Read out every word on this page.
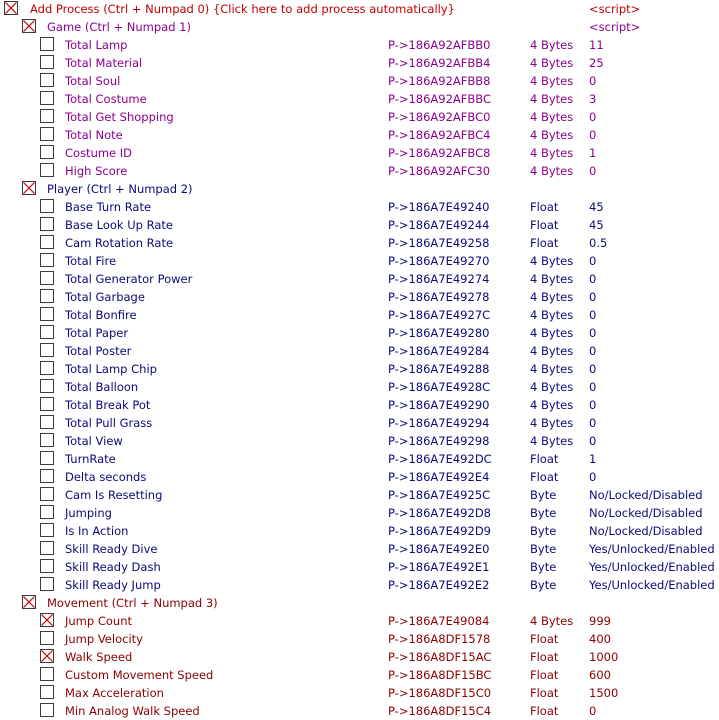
Add Process (Ctrl + Numpad 0) {Click here to add process automatically}	<script>
Game (Ctrl + Numpad 1)	<script>
Total Lamp	P->186A92AFBB0	4 Bytes 11
Total Material	P->186A92AFBB4	4 Bytes 25
Total Soul	P->186A92AFBB8	4 Bytes 0
Total Costume	P->186A92AFBBC	4 Bytes 3
Total Get Shopping	P->186A92AFBC0	4 Bytes 0
Total Note	P->186A92AFBC4	4 Bytes 0
Costume ID	P->186A92AFBC8	4 Bytes 1
High Score	P->186A92AFC30	4 Bytes 0
Player (Ctrl + Numpad 2)
Base Turn Rate	P->186A7E49240	Float	45
Base Look Up Rate	P->186A7E49244	Float	45
Cam Rotation Rate	P->186A7E49258	Float	0.5
Total Fire	P->186A7E49270	4 Bytes 0
Total Generator Power	P->186A7E49274	4 Bytes 0
Total Garbage	P->186A7E49278	4 Bytes 0
Total Bonfire	P->186A7E4927C	4 Bytes 0
Total Paper	P->186A7E49280	4 Bytes 0
Total Poster	P->186A7E49284	4 Bytes 0
Total Lamp Chip	P->186A7E49288	4 Bytes 0
Total Balloon	P->186A7E4928C	4 Bytes 0
Total Break Pot	P->186A7E49290	4 Bytes 0
Total Pull Grass	P->186A7E49294	4 Bytes 0
Total View	P->186A7E49298	4 Bytes 0
TurnRate	P->186A7E492DC	Float	1
Delta seconds	P->186A7E492E4	Float	0
Cam Is Resetting	P->186A7E4925C	Byte	No/Locked/Disabled
Jumping	P->186A7E492D8	Byte	No/Locked/Disabled
Is In Action	P->186A7E492D9	Byte	No/Locked/Disabled
Skill Ready Dive	P->186A7E492E0	Byte	Yes/Unlocked/Enabled
Skill Ready Dash	P->186A7E492E1	Byte	Yes/Unlocked/Enabled
Skill Ready Jump	P->186A7E492E2	Byte	Yes/Unlocked/Enabled
Movement (Ctrl + Numpad 3)
Jump Count	P->186A7E49084	4 Bytes 999
Jump Velocity	P->186A8DF1578	Float	400
Walk Speed	P->186A8DF15AC	Float	1000
Custom Movement Speed	P->186A8DF15BC	Float	600
Max Acceleration	P->186A8DF15C0	Float	1500
Min Analog Walk Speed	P->186A8DF15C4	Float	0
